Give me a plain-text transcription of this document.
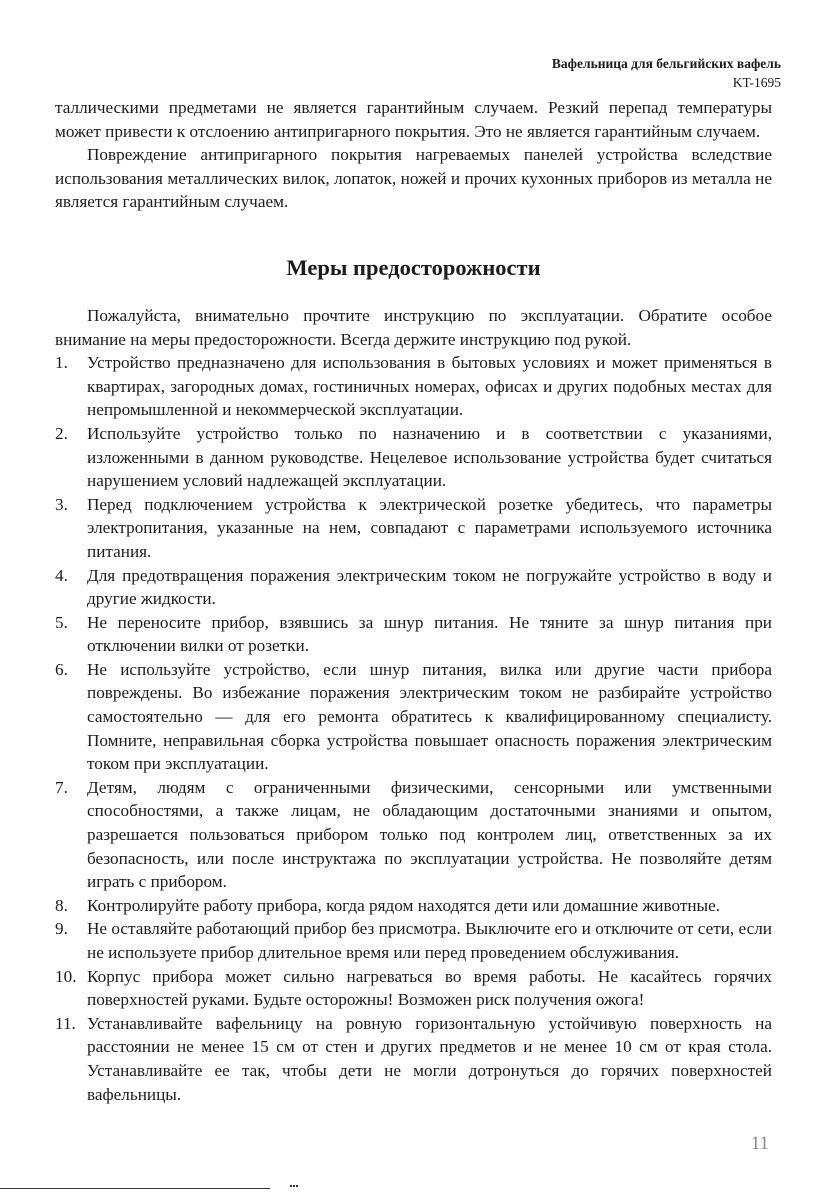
Вафельница для бельгийских вафель
KT-1695

таллическими предметами не является гарантийным случаем. Резкий перепад температуры может привести к отслоению антипригарного покрытия. Это не является гарантийным случаем.

Повреждение антипригарного покрытия нагреваемых панелей устройства вследствие использования металлических вилок, лопаток, ножей и прочих кухонных приборов из металла не является гарантийным случаем.

Меры предосторожности

Пожалуйста, внимательно прочтите инструкцию по эксплуатации. Обратите особое внимание на меры предосторожности. Всегда держите инструкцию под рукой.

1. Устройство предназначено для использования в бытовых условиях и может применяться в квартирах, загородных домах, гостиничных номерах, офисах и других подобных местах для непромышленной и некоммерческой эксплуатации.
2. Используйте устройство только по назначению и в соответствии с указаниями, изложенными в данном руководстве. Нецелевое использование устройства будет считаться нарушением условий надлежащей эксплуатации.
3. Перед подключением устройства к электрической розетке убедитесь, что параметры электропитания, указанные на нем, совпадают с параметрами используемого источника питания.
4. Для предотвращения поражения электрическим током не погружайте устройство в воду и другие жидкости.
5. Не переносите прибор, взявшись за шнур питания. Не тяните за шнур питания при отключении вилки от розетки.
6. Не используйте устройство, если шнур питания, вилка или другие части прибора повреждены. Во избежание поражения электрическим током не разбирайте устройство самостоятельно — для его ремонта обратитесь к квалифицированному специалисту. Помните, неправильная сборка устройства повышает опасность поражения электрическим током при эксплуатации.
7. Детям, людям с ограниченными физическими, сенсорными или умственными способностями, а также лицам, не обладающим достаточными знаниями и опытом, разрешается пользоваться прибором только под контролем лиц, ответственных за их безопасность, или после инструктажа по эксплуатации устройства. Не позволяйте детям играть с прибором.
8. Контролируйте работу прибора, когда рядом находятся дети или домашние животные.
9. Не оставляйте работающий прибор без присмотра. Выключите его и отключите от сети, если не используете прибор длительное время или перед проведением обслуживания.
10. Корпус прибора может сильно нагреваться во время работы. Не касайтесь горячих поверхностей руками. Будьте осторожны! Возможен риск получения ожога!
11. Устанавливайте вафельницу на ровную горизонтальную устойчивую поверхность на расстоянии не менее 15 см от стен и других предметов и не менее 10 см от края стола. Устанавливайте ее так, чтобы дети не могли дотронуться до горячих поверхностей вафельницы.
11
